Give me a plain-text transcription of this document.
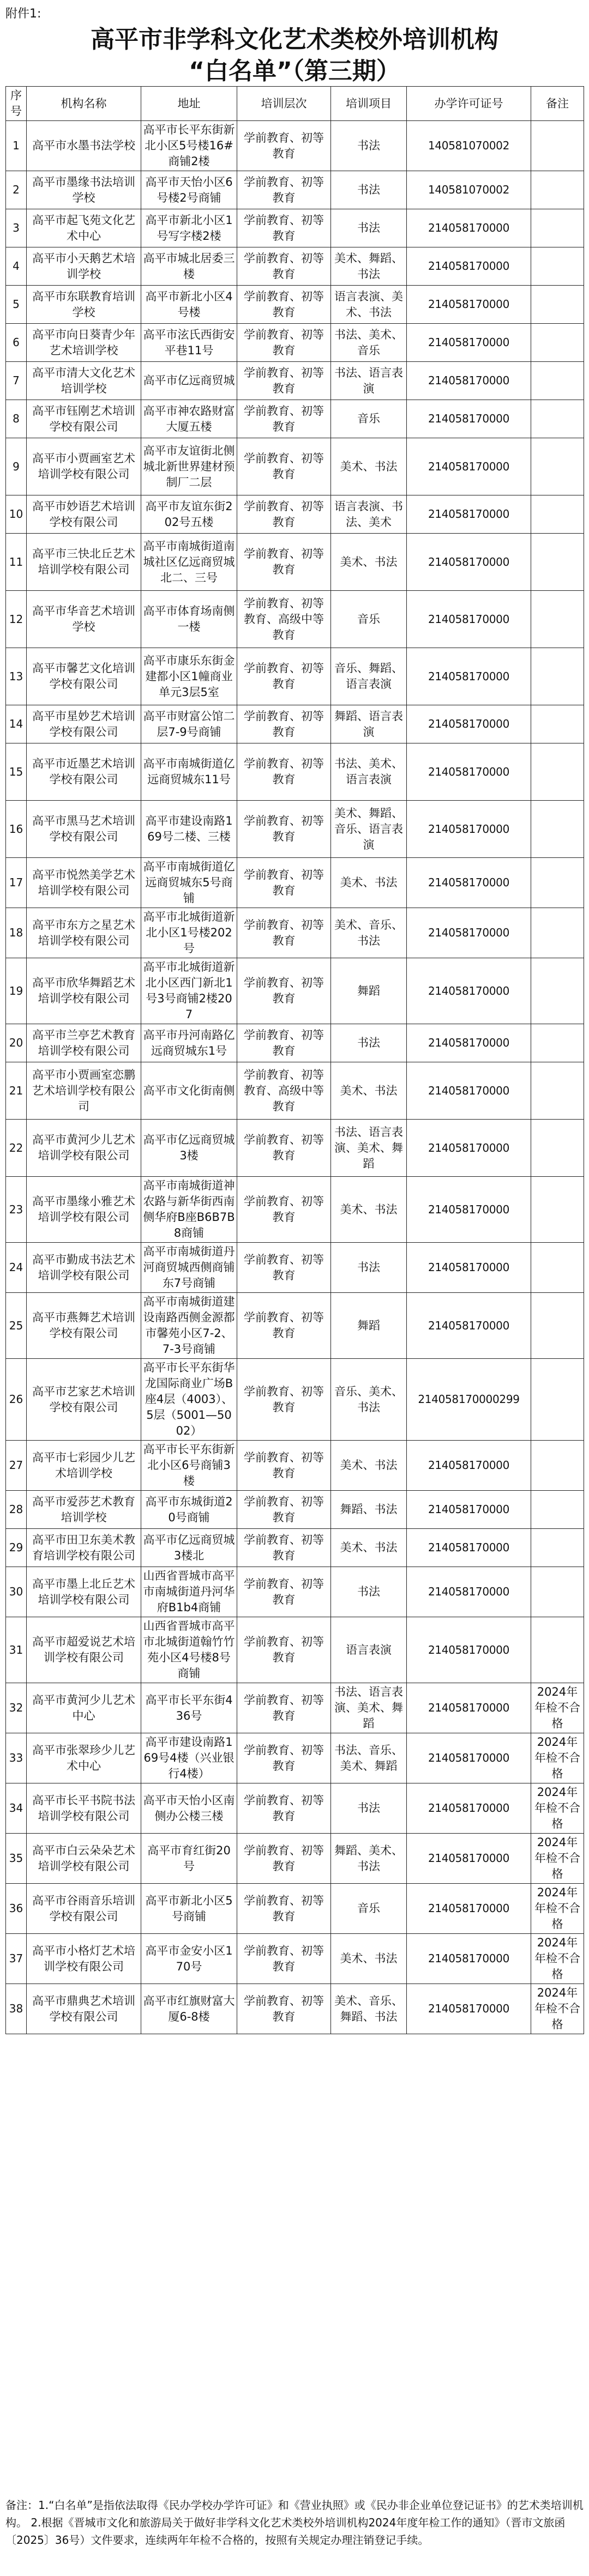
附件1:
高平市非学科文化艺术类校外培训机构
“白名单”（第三期）
序号	机构名称	地址	培训层次	培训项目	办学许可证号	备注
1	高平市水墨书法学校	高平市长平东街新北小区5号楼16#商铺2楼	学前教育、初等教育	书法	140581070002	
2	高平市墨缘书法培训学校	高平市天怡小区6号楼2号商铺	学前教育、初等教育	书法	140581070002	
3	高平市起飞苑文化艺术中心	高平市新北小区1号写字楼2楼	学前教育、初等教育	书法	214058170000	
4	高平市小天鹅艺术培训学校	高平市城北居委三楼	学前教育、初等教育	美术、舞蹈、书法	214058170000	
5	高平市东联教育培训学校	高平市新北小区4号楼	学前教育、初等教育	语言表演、美术、书法	214058170000	
6	高平市向日葵青少年艺术培训学校	高平市泫氏西街安平巷11号	学前教育、初等教育	书法、美术、音乐	214058170000	
7	高平市清大文化艺术培训学校	高平市亿远商贸城	学前教育、初等教育	书法、语言表演	214058170000	
8	高平市钰刚艺术培训学校有限公司	高平市神农路财富大厦五楼	学前教育、初等教育	音乐	214058170000	
9	高平市小贾画室艺术培训学校有限公司	高平市友谊街北侧城北新世界建材预制厂二层	学前教育、初等教育	美术、书法	214058170000	
10	高平市妙语艺术培训学校有限公司	高平市友谊东街202号五楼	学前教育、初等教育	语言表演、书法、美术	214058170000	
11	高平市三快北丘艺术培训学校有限公司	高平市南城街道南城社区亿远商贸城北二、三号	学前教育、初等教育	美术、书法	214058170000	
12	高平市华音艺术培训学校	高平市体育场南侧一楼	学前教育、初等教育、高级中等教育	音乐	214058170000	
13	高平市馨艺文化培训学校有限公司	高平市康乐东街金建都小区1幢商业单元3层5室	学前教育、初等教育	音乐、舞蹈、语言表演	214058170000	
14	高平市星妙艺术培训学校有限公司	高平市财富公馆二层7-9号商铺	学前教育、初等教育	舞蹈、语言表演	214058170000	
15	高平市近墨艺术培训学校有限公司	高平市南城街道亿远商贸城东11号	学前教育、初等教育	书法、美术、语言表演	214058170000	
16	高平市黑马艺术培训学校有限公司	高平市建设南路169号二楼、三楼	学前教育、初等教育	美术、舞蹈、音乐、语言表演	214058170000	
17	高平市悦然美学艺术培训学校有限公司	高平市南城街道亿远商贸城东5号商铺	学前教育、初等教育	美术、书法	214058170000	
18	高平市东方之星艺术培训学校有限公司	高平市北城街道新北小区1号楼202号	学前教育、初等教育	美术、音乐、书法	214058170000	
19	高平市欣华舞蹈艺术培训学校有限公司	高平市北城街道新北小区西门新北1号3号商铺2楼207	学前教育、初等教育	舞蹈	214058170000	
20	高平市兰亭艺术教育培训学校有限公司	高平市丹河南路亿远商贸城东1号	学前教育、初等教育	书法	214058170000	
21	高平市小贾画室恋鹏艺术培训学校有限公司	高平市文化街南侧	学前教育、初等教育、高级中等教育	美术、书法	214058170000	
22	高平市黄河少儿艺术培训学校有限公司	高平市亿远商贸城3楼	学前教育、初等教育	书法、语言表演、美术、舞蹈	214058170000	
23	高平市墨缘小雅艺术培训学校有限公司	高平市南城街道神农路与新华街西南侧华府B座B6B7B8商铺	学前教育、初等教育	美术、书法	214058170000	
24	高平市勤成书法艺术培训学校有限公司	高平市南城街道丹河商贸城西侧商铺东7号商铺	学前教育、初等教育	书法	214058170000	
25	高平市燕舞艺术培训学校有限公司	高平市南城街道建设南路西侧金源都市馨苑小区7-2、7-3号商铺	学前教育、初等教育	舞蹈	214058170000	
26	高平市艺家艺术培训学校有限公司	高平市长平东街华龙国际商业广场B座4层（4003）、5层（5001—5002）	学前教育、初等教育	音乐、美术、书法	214058170000299	
27	高平市七彩园少儿艺术培训学校	高平市长平东街新北小区6号商铺3楼	学前教育、初等教育	美术、书法	214058170000	
28	高平市爱莎艺术教育培训学校	高平市东城街道20号商铺	学前教育、初等教育	舞蹈、书法	214058170000	
29	高平市田卫东美术教育培训学校有限公司	高平市亿远商贸城3楼北	学前教育、初等教育	美术、书法	214058170000	
30	高平市墨上北丘艺术培训学校有限公司	山西省晋城市高平市南城街道丹河华府B1b4商铺	学前教育、初等教育	书法	214058170000	
31	高平市超爱说艺术培训学校有限公司	山西省晋城市高平市北城街道翰竹竹苑小区4号楼8号商铺	学前教育、初等教育	语言表演	214058170000	
32	高平市黄河少儿艺术中心	高平市长平东街436号	学前教育、初等教育	书法、语言表演、美术、舞蹈	214058170000	2024年年检不合格
33	高平市张翠珍少儿艺术中心	高平市建设南路169号4楼（兴业银行4楼）	学前教育、初等教育	书法、音乐、美术、舞蹈	214058170000	2024年年检不合格
34	高平市长平书院书法培训学校有限公司	高平市天怡小区南侧办公楼三楼	学前教育、初等教育	书法	214058170000	2024年年检不合格
35	高平市白云朵朵艺术培训学校有限公司	高平市育红街20号	学前教育、初等教育	舞蹈、美术、书法	214058170000	2024年年检不合格
36	高平市谷雨音乐培训学校有限公司	高平市新北小区5号商铺	学前教育、初等教育	音乐	214058170000	2024年年检不合格
37	高平市小格灯艺术培训学校有限公司	高平市金安小区170号	学前教育、初等教育	美术、书法	214058170000	2024年年检不合格
38	高平市鼎典艺术培训学校有限公司	高平市红旗财富大厦6-8楼	学前教育、初等教育	美术、音乐、舞蹈、书法	214058170000	2024年年检不合格
备注：1.“白名单”是指依法取得《民办学校办学许可证》和《营业执照》或《民办非企业单位登记证书》的艺术类培训机构。 2.根据《晋城市文化和旅游局关于做好非学科文化艺术类校外培训机构2024年度年检工作的通知》（晋市文旅函〔2025〕36号）文件要求，连续两年年检不合格的，按照有关规定办理注销登记手续。
